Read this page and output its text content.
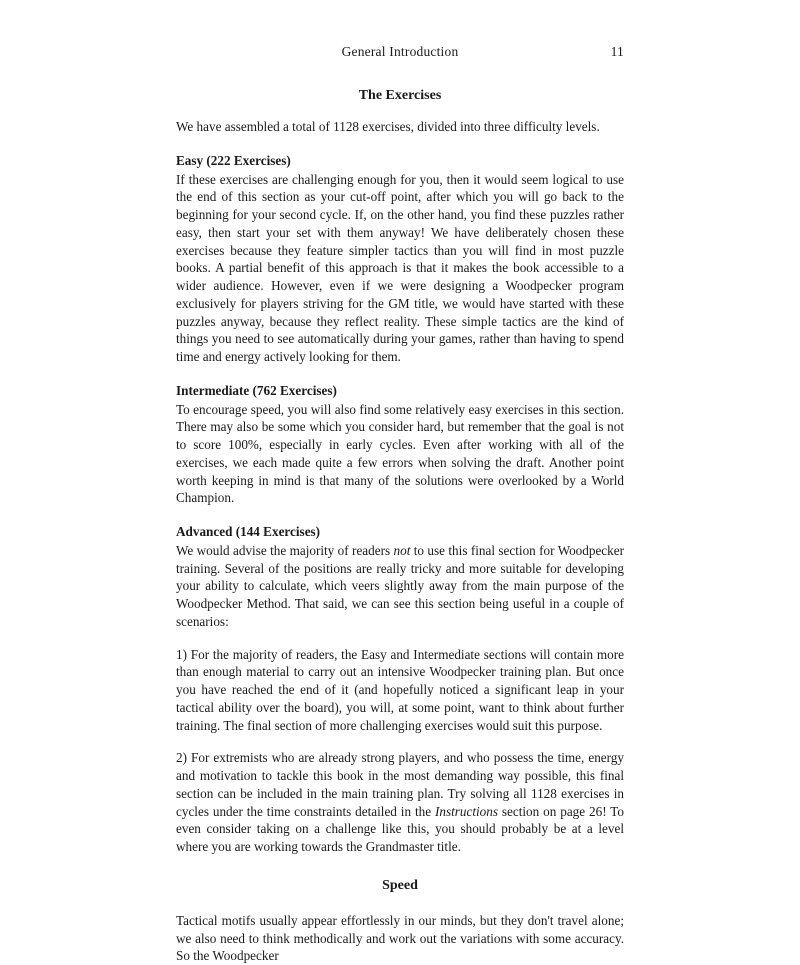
General Introduction	11
The Exercises

We have assembled a total of 1128 exercises, divided into three difficulty levels.

Easy (222 Exercises)

If these exercises are challenging enough for you, then it would seem logical to use the end of this section as your cut-off point, after which you will go back to the beginning for your second cycle. If, on the other hand, you find these puzzles rather easy, then start your set with them anyway! We have deliberately chosen these exercises because they feature simpler tactics than you will find in most puzzle books. A partial benefit of this approach is that it makes the book accessible to a wider audience. However, even if we were designing a Woodpecker program exclusively for players striving for the GM title, we would have started with these puzzles anyway, because they reflect reality. These simple tactics are the kind of things you need to see automatically during your games, rather than having to spend time and energy actively looking for them.

Intermediate (762 Exercises)

To encourage speed, you will also find some relatively easy exercises in this section. There may also be some which you consider hard, but remember that the goal is not to score 100%, especially in early cycles. Even after working with all of the exercises, we each made quite a few errors when solving the draft. Another point worth keeping in mind is that many of the solutions were overlooked by a World Champion.

Advanced (144 Exercises)

We would advise the majority of readers not to use this final section for Woodpecker training. Several of the positions are really tricky and more suitable for developing your ability to calculate, which veers slightly away from the main purpose of the Woodpecker Method. That said, we can see this section being useful in a couple of scenarios:

1) For the majority of readers, the Easy and Intermediate sections will contain more than enough material to carry out an intensive Woodpecker training plan. But once you have reached the end of it (and hopefully noticed a significant leap in your tactical ability over the board), you will, at some point, want to think about further training. The final section of more challenging exercises would suit this purpose.

2) For extremists who are already strong players, and who possess the time, energy and motivation to tackle this book in the most demanding way possible, this final section can be included in the main training plan. Try solving all 1128 exercises in cycles under the time constraints detailed in the Instructions section on page 26! To even consider taking on a challenge like this, you should probably be at a level where you are working towards the Grandmaster title.

Speed

Tactical motifs usually appear effortlessly in our minds, but they don't travel alone; we also need to think methodically and work out the variations with some accuracy. So the Woodpecker
